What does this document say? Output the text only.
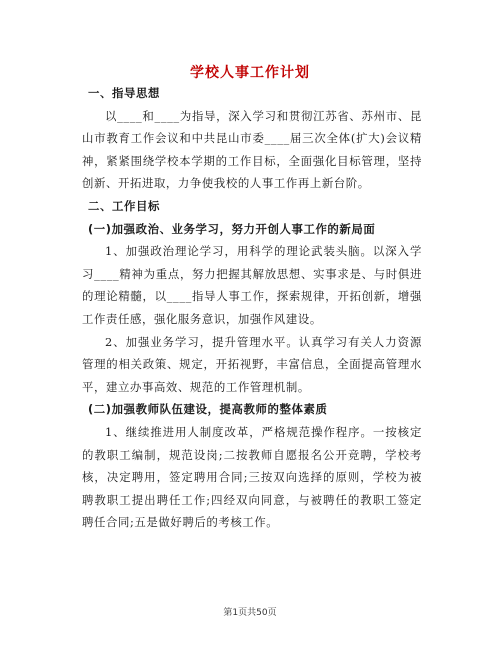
学校人事工作计划

一、指导思想

以____和____为指导，深入学习和贯彻江苏省、苏州市、昆山市教育工作会议和中共昆山市委____届三次全体(扩大)会议精神，紧紧围绕学校本学期的工作目标，全面强化目标管理，坚持创新、开拓进取，力争使我校的人事工作再上新台阶。

二、工作目标

(一)加强政治、业务学习，努力开创人事工作的新局面

1、加强政治理论学习，用科学的理论武装头脑。以深入学习____精神为重点，努力把握其解放思想、实事求是、与时俱进的理论精髓，以____指导人事工作，探索规律，开拓创新，增强工作责任感，强化服务意识，加强作风建设。

2、加强业务学习，提升管理水平。认真学习有关人力资源管理的相关政策、规定，开拓视野，丰富信息，全面提高管理水平，建立办事高效、规范的工作管理机制。

(二)加强教师队伍建设，提高教师的整体素质

1、继续推进用人制度改革，严格规范操作程序。一按核定的教职工编制，规范设岗;二按教师自愿报名公开竞聘，学校考核，决定聘用，签定聘用合同;三按双向选择的原则，学校为被聘教职工提出聘任工作;四经双向同意，与被聘任的教职工签定聘任合同;五是做好聘后的考核工作。

第1页共50页
